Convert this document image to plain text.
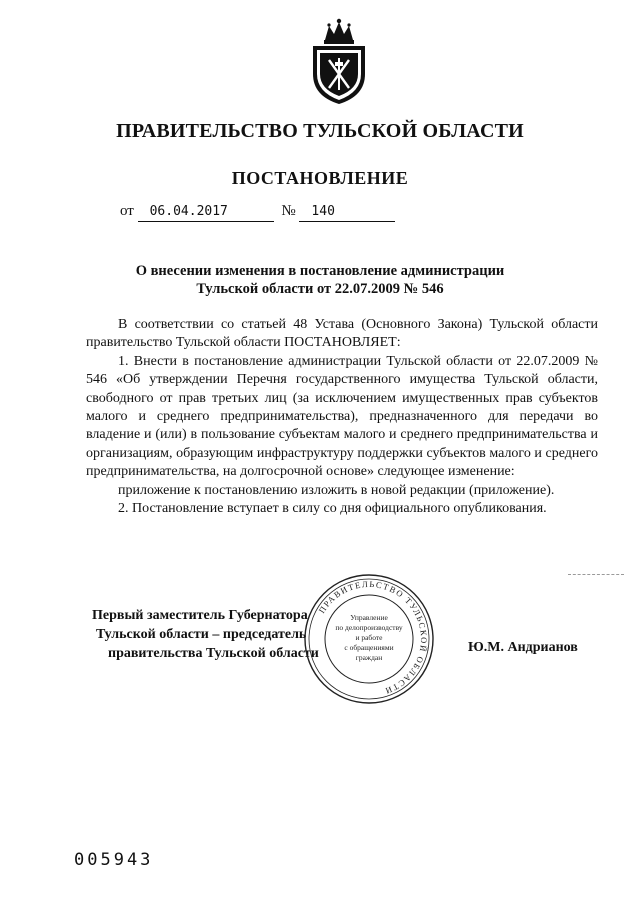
ПРАВИТЕЛЬСТВО ТУЛЬСКОЙ ОБЛАСТИ
ПОСТАНОВЛЕНИЕ
от 06.04.2017	№ 140
О внесении изменения в постановление администрации
Тульской области от 22.07.2009 № 546

В соответствии со статьей 48 Устава (Основного Закона) Тульской области правительство Тульской области ПОСТАНОВЛЯЕТ:

1. Внести в постановление администрации Тульской области от 22.07.2009 № 546 «Об утверждении Перечня государственного имущества Тульской области, свободного от прав третьих лиц (за исключением имущественных прав субъектов малого и среднего предпринимательства), предназначенного для передачи во владение и (или) в пользование субъектам малого и среднего предпринимательства и организациям, образующим инфраструктуру поддержки субъектов малого и среднего предпринимательства, на долгосрочной основе» следующее изменение:

приложение к постановлению изложить в новой редакции (приложение).

2. Постановление вступает в силу со дня официального опубликования.

Первый заместитель Губернатора
Тульской области – председатель
правительства Тульской области
ПРАВИТЕЛЬСТВО ТУЛЬСКОЙ ОБЛАСТИ
Управление
по делопроизводству
и работе
с обращениями
граждан
Ю.М. Андрианов
005943
